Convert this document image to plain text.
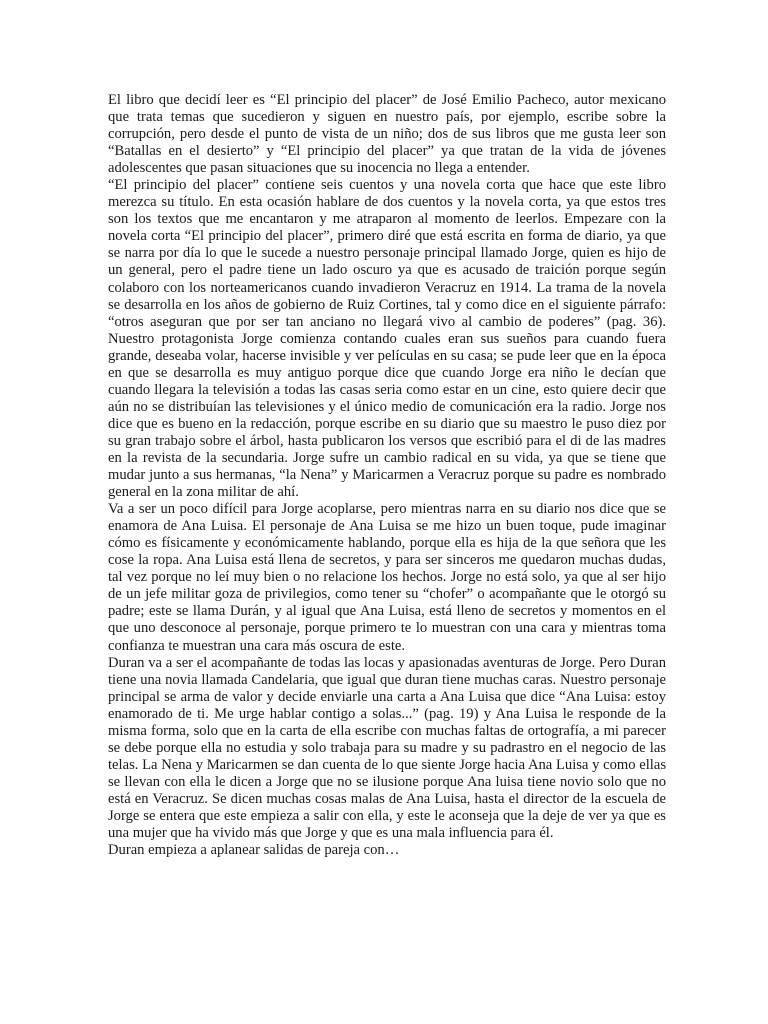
El libro que decidí leer es “El principio del placer” de José Emilio Pacheco, autor mexicano que trata temas que sucedieron y siguen en nuestro país, por ejemplo, escribe sobre la corrupción, pero desde el punto de vista de un niño; dos de sus libros que me gusta leer son “Batallas en el desierto” y “El principio del placer” ya que tratan de la vida de jóvenes adolescentes que pasan situaciones que su inocencia no llega a entender.

“El principio del placer” contiene seis cuentos y una novela corta que hace que este libro merezca su título. En esta ocasión hablare de dos cuentos y la novela corta, ya que estos tres son los textos que me encantaron y me atraparon al momento de leerlos. Empezare con la novela corta “El principio del placer”, primero diré que está escrita en forma de diario, ya que se narra por día lo que le sucede a nuestro personaje principal llamado Jorge, quien es hijo de un general, pero el padre tiene un lado oscuro ya que es acusado de traición porque según colaboro con los norteamericanos cuando invadieron Veracruz en 1914. La trama de la novela se desarrolla en los años de gobierno de Ruiz Cortines, tal y como dice en el siguiente párrafo: “otros aseguran que por ser tan anciano no llegará vivo al cambio de poderes” (pag. 36). Nuestro protagonista Jorge comienza contando cuales eran sus sueños para cuando fuera grande, deseaba volar, hacerse invisible y ver películas en su casa; se pude leer que en la época en que se desarrolla es muy antiguo porque dice que cuando Jorge era niño le decían que cuando llegara la televisión a todas las casas seria como estar en un cine, esto quiere decir que aún no se distribuían las televisiones y el único medio de comunicación era la radio. Jorge nos dice que es bueno en la redacción, porque escribe en su diario que su maestro le puso diez por su gran trabajo sobre el árbol, hasta publicaron los versos que escribió para el di de las madres en la revista de la secundaria. Jorge sufre un cambio radical en su vida, ya que se tiene que mudar junto a sus hermanas, “la Nena” y Maricarmen a Veracruz porque su padre es nombrado general en la zona militar de ahí.

Va a ser un poco difícil para Jorge acoplarse, pero mientras narra en su diario nos dice que se enamora de Ana Luisa. El personaje de Ana Luisa se me hizo un buen toque, pude imaginar cómo es físicamente y económicamente hablando, porque ella es hija de la que señora que les cose la ropa. Ana Luisa está llena de secretos, y para ser sinceros me quedaron muchas dudas, tal vez porque no leí muy bien o no relacione los hechos. Jorge no está solo, ya que al ser hijo de un jefe militar goza de privilegios, como tener su “chofer” o acompañante que le otorgó su padre; este se llama Durán, y al igual que Ana Luisa, está lleno de secretos y momentos en el que uno desconoce al personaje, porque primero te lo muestran con una cara y mientras toma confianza te muestran una cara más oscura de este.

Duran va a ser el acompañante de todas las locas y apasionadas aventuras de Jorge. Pero Duran tiene una novia llamada Candelaria, que igual que duran tiene muchas caras. Nuestro personaje principal se arma de valor y decide enviarle una carta a Ana Luisa que dice “Ana Luisa: estoy enamorado de ti. Me urge hablar contigo a solas...” (pag. 19) y Ana Luisa le responde de la misma forma, solo que en la carta de ella escribe con muchas faltas de ortografía, a mi parecer se debe porque ella no estudia y solo trabaja para su madre y su padrastro en el negocio de las telas. La Nena y Maricarmen se dan cuenta de lo que siente Jorge hacia Ana Luisa y como ellas se llevan con ella le dicen a Jorge que no se ilusione porque Ana luisa tiene novio solo que no está en Veracruz. Se dicen muchas cosas malas de Ana Luisa, hasta el director de la escuela de Jorge se entera que este empieza a salir con ella, y este le aconseja que la deje de ver ya que es una mujer que ha vivido más que Jorge y que es una mala influencia para él.

Duran empieza a aplanear salidas de pareja con…
